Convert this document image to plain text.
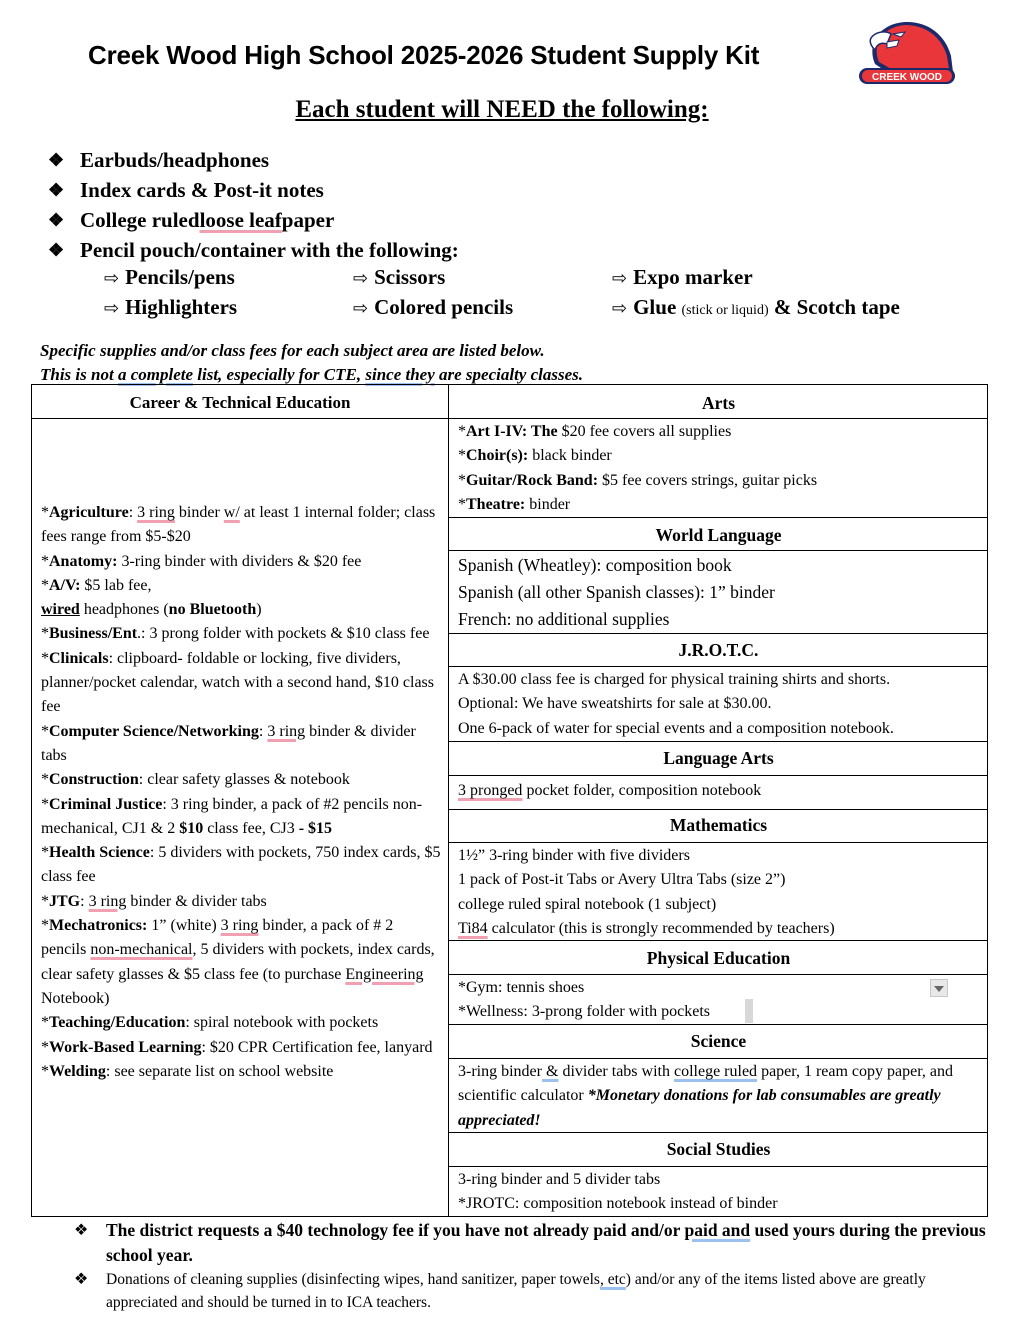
Creek Wood High School 2025-2026 Student Supply Kit
CREEK WOOD
Each student will NEED the following:
❖ Earbuds/headphones
❖ Index cards & Post-it notes
❖ College ruled loose leaf paper
❖ Pencil pouch/container with the following:
⇨ Pencils/pens	⇨ Scissors	⇨ Expo marker
⇨ Highlighters	⇨ Colored pencils	⇨ Glue (stick or liquid) & Scotch tape
Specific supplies and/or class fees for each subject area are listed below.
This is not a complete list, especially for CTE, since they are specialty classes.
Career & Technical Education	Arts
*Agriculture: 3 ring binder w/ at least 1 internal folder; class fees range from $5-$20
*Anatomy: 3-ring binder with dividers & $20 fee
*A/V: $5 lab fee,
wired headphones (no Bluetooth)
*Business/Ent.: 3 prong folder with pockets & $10 class fee
*Clinicals: clipboard- foldable or locking, five dividers, planner/pocket calendar, watch with a second hand, $10 class fee
*Computer Science/Networking: 3 ring binder & divider tabs
*Construction: clear safety glasses & notebook
*Criminal Justice: 3 ring binder, a pack of #2 pencils non-mechanical, CJ1 & 2 $10 class fee, CJ3 - $15
*Health Science: 5 dividers with pockets, 750 index cards, $5 class fee
*JTG: 3 ring binder & divider tabs
*Mechatronics: 1” (white) 3 ring binder, a pack of # 2 pencils non-mechanical, 5 dividers with pockets, index cards, clear safety glasses & $5 class fee (to purchase Engineering Notebook)
*Teaching/Education: spiral notebook with pockets
*Work-Based Learning: $20 CPR Certification fee, lanyard
*Welding: see separate list on school website
*Art I-IV: The $20 fee covers all supplies
*Choir(s): black binder
*Guitar/Rock Band: $5 fee covers strings, guitar picks
*Theatre: binder
World Language
Spanish (Wheatley): composition book
Spanish (all other Spanish classes): 1” binder
French: no additional supplies
J.R.O.T.C.
A $30.00 class fee is charged for physical training shirts and shorts.
Optional: We have sweatshirts for sale at $30.00.
One 6-pack of water for special events and a composition notebook.
Language Arts
3 pronged pocket folder, composition notebook
Mathematics
1½” 3-ring binder with five dividers
1 pack of Post-it Tabs or Avery Ultra Tabs (size 2”)
college ruled spiral notebook (1 subject)
Ti84 calculator (this is strongly recommended by teachers)
Physical Education
*Gym: tennis shoes
*Wellness: 3-prong folder with pockets
Science
3-ring binder & divider tabs with college ruled paper, 1 ream copy paper, and scientific calculator *Monetary donations for lab consumables are greatly appreciated!
Social Studies
3-ring binder and 5 divider tabs
*JROTC: composition notebook instead of binder
❖ The district requests a $40 technology fee if you have not already paid and/or paid and used yours during the previous school year.
❖ Donations of cleaning supplies (disinfecting wipes, hand sanitizer, paper towels, etc) and/or any of the items listed above are greatly appreciated and should be turned in to ICA teachers.
